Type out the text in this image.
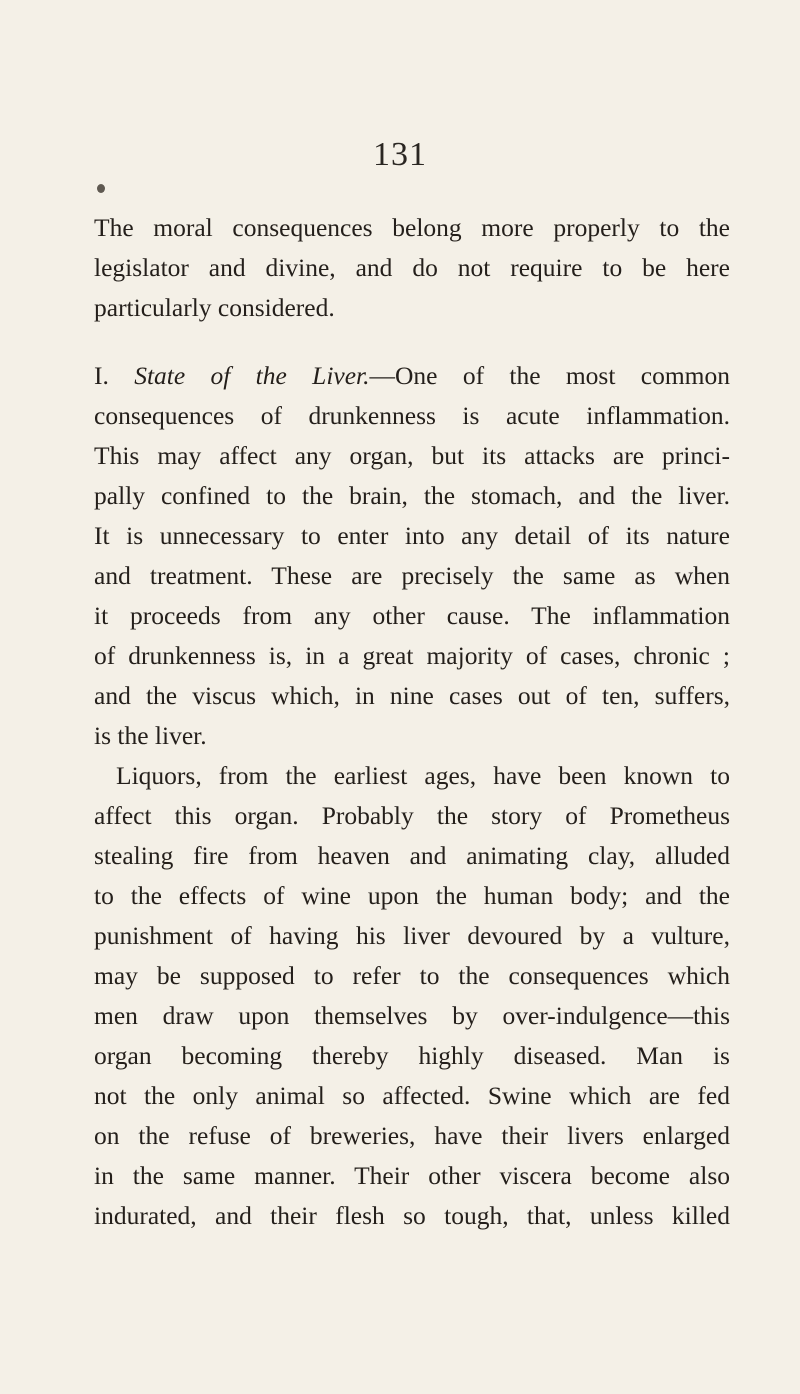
131
The moral consequences belong more properly to the
legislator and divine, and do not require to be here
particularly considered.
I. State of the Liver.—One of the most common
consequences of drunkenness is acute inflammation.
This may affect any organ, but its attacks are princi-
pally confined to the brain, the stomach, and the liver.
It is unnecessary to enter into any detail of its nature
and treatment. These are precisely the same as when
it proceeds from any other cause. The inflammation
of drunkenness is, in a great majority of cases, chronic ;
and the viscus which, in nine cases out of ten, suffers,
is the liver.
Liquors, from the earliest ages, have been known to
affect this organ. Probably the story of Prometheus
stealing fire from heaven and animating clay, alluded
to the effects of wine upon the human body; and the
punishment of having his liver devoured by a vulture,
may be supposed to refer to the consequences which
men draw upon themselves by over-indulgence—this
organ becoming thereby highly diseased. Man is
not the only animal so affected. Swine which are fed
on the refuse of breweries, have their livers enlarged
in the same manner. Their other viscera become also
indurated, and their flesh so tough, that, unless killed
